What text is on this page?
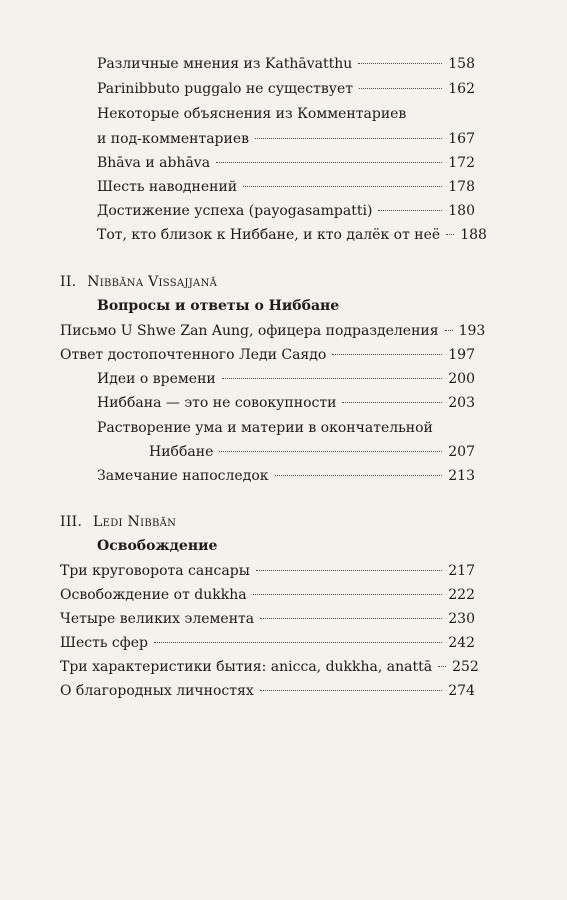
Различные мнения из Kathāvatthu	158
Parinibbuto puggalo не существует	162
Некоторые объяснения из Комментариев
и под-комментариев	167
Bhāva и abhāva	172
Шесть наводнений	178
Достижение успеха (payogasampatti)	180
Тот, кто близок к Ниббане, и кто далёк от неё 188
II. Nibbāna Vissajjanā
Вопросы и ответы о Ниббане
Письмо U Shwe Zan Aung, офицера подразделения 193
Ответ достопочтенного Леди Саядо	197
Идеи о времени	200
Ниббана — это не совокупности	203
Растворение ума и материи в окончательной
Ниббане	207
Замечание напоследок	213
III. Ledi Nibbān
Освобождение
Три круговорота сансары	217
Освобождение от dukkha	222
Четыре великих элемента	230
Шесть сфер	242
Три характеристики бытия: anicca, dukkha, anattā 252
О благородных личностях	274
